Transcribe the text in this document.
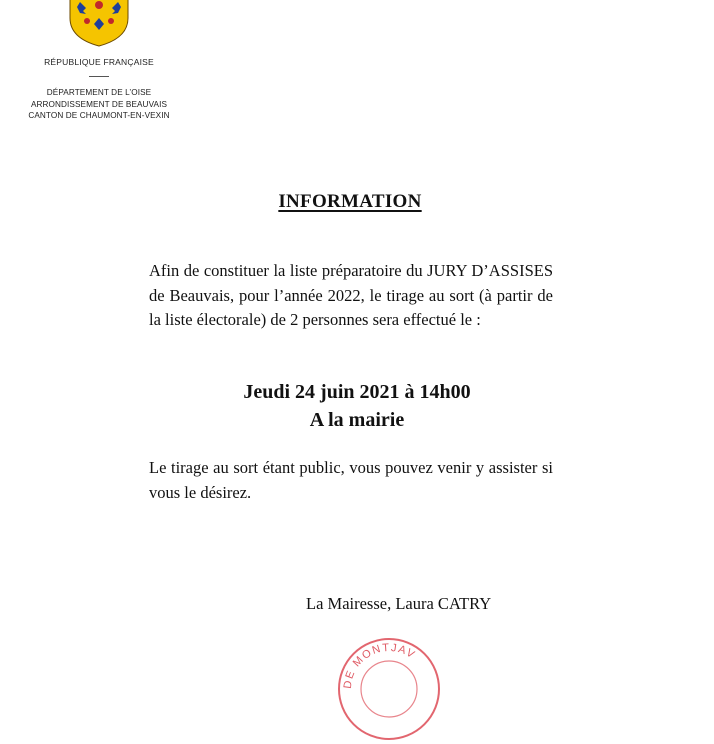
RÉPUBLIQUE FRANÇAISE
DÉPARTEMENT DE L’OISE
ARRONDISSEMENT DE BEAUVAIS
CANTON DE CHAUMONT-EN-VEXIN
INFORMATION
Afin de constituer la liste préparatoire du JURY D’ASSISES de Beauvais, pour l’année 2022, le tirage au sort (à partir de la liste électorale) de 2 personnes sera effectué le :
Jeudi 24 juin 2021 à 14h00
A la mairie
Le tirage au sort étant public, vous pouvez venir y assister si vous le désirez.
La Mairesse, Laura CATRY
DE MONTJAV
